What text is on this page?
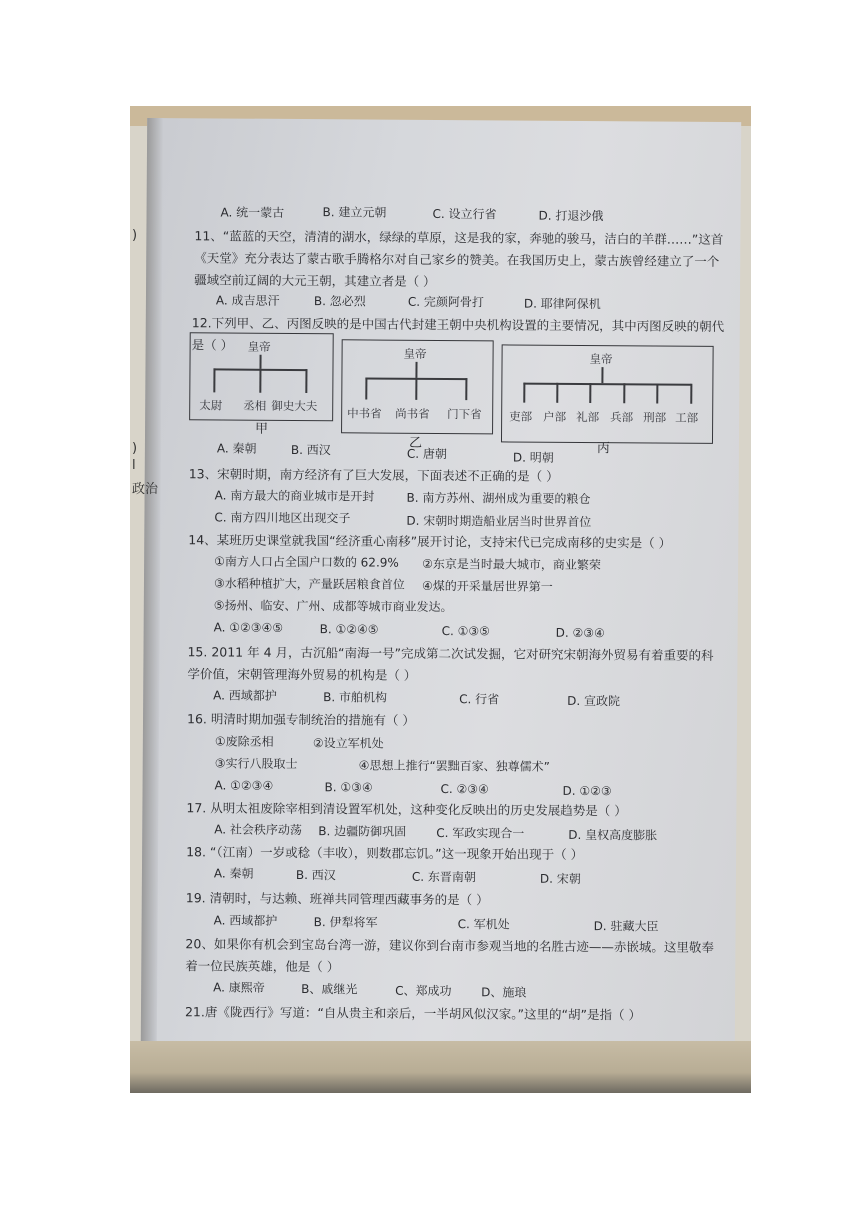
A. 统一蒙古	B. 建立元朝	C. 设立行省	D. 打退沙俄
11、“蓝蓝的天空，清清的湖水，绿绿的草原，这是我的家，奔驰的骏马，洁白的羊群……”这首
《天堂》充分表达了蒙古歌手腾格尔对自己家乡的赞美。在我国历史上，蒙古族曾经建立了一个
疆域空前辽阔的大元王朝，其建立者是（ ）
A. 成吉思汗	B. 忽必烈	C. 完颜阿骨打	D. 耶律阿保机
12.下列甲、乙、丙图反映的是中国古代封建王朝中央机构设置的主要情况，其中丙图反映的朝代
是（ ） 皇帝
太尉 丞相 御史大夫
甲
皇帝
中书省 尚书省 门下省
乙
皇帝
吏部 户部 礼部 兵部 刑部 工部
丙
A. 秦朝	B. 西汉	C. 唐朝	D. 明朝
13、宋朝时期，南方经济有了巨大发展，下面表述不正确的是（ ）
A. 南方最大的商业城市是开封	B. 南方苏州、湖州成为重要的粮仓
C. 南方四川地区出现交子	D. 宋朝时期造船业居当时世界首位
14、某班历史课堂就我国“经济重心南移”展开讨论，支持宋代已完成南移的史实是（ ）
①南方人口占全国户口数的 62.9% ②东京是当时最大城市，商业繁荣
③水稻种植扩大，产量跃居粮食首位 ④煤的开采量居世界第一
⑤扬州、临安、广州、成都等城市商业发达。
A. ①②③④⑤	B. ①②④⑤	C. ①③⑤	D. ②③④
15. 2011 年 4 月，古沉船“南海一号”完成第二次试发掘，它对研究宋朝海外贸易有着重要的科
学价值，宋朝管理海外贸易的机构是（ ）
A. 西域都护	B. 市舶机构	C. 行省	D. 宣政院
16. 明清时期加强专制统治的措施有（ ）
①废除丞相	②设立军机处
③实行八股取士	④思想上推行“罢黜百家、独尊儒术”
A. ①②③④	B. ①③④	C. ②③④	D. ①②③
17. 从明太祖废除宰相到清设置军机处，这种变化反映出的历史发展趋势是（ ）
A. 社会秩序动荡 B. 边疆防御巩固	C. 军政实现合一	D. 皇权高度膨胀
18. “（江南）一岁或稔（丰收），则数郡忘饥。”这一现象开始出现于（ ）
A. 秦朝	B. 西汉	C. 东晋南朝	D. 宋朝
19. 清朝时，与达赖、班禅共同管理西藏事务的是（ ）
A. 西域都护	B. 伊犁将军	C. 军机处	D. 驻藏大臣
20、如果你有机会到宝岛台湾一游，建议你到台南市参观当地的名胜古迹——赤嵌城。这里敬奉
着一位民族英雄，他是（ ）
A. 康熙帝	B、戚继光	C、郑成功 D、施琅
21.唐《陇西行》写道：“自从贵主和亲后，一半胡风似汉家。”这里的“胡”是指（ ）
)
)
l
政治
